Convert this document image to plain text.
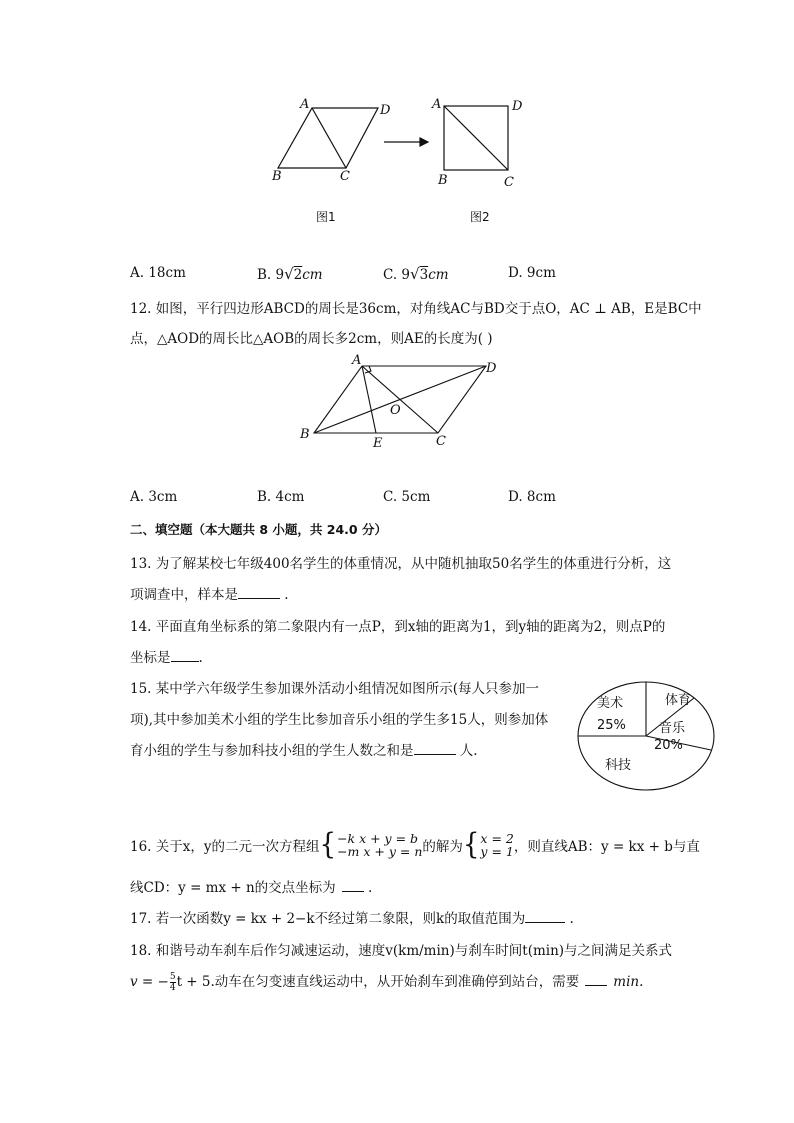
A	D
B	C
A	D
B	C
图1	图2
A. 18cm	B. 9√2cm	C. 9√3cm	D. 9cm
12. 如图，平行四边形ABCD的周长是36cm，对角线AC与BD交于点O，AC ⊥ AB，E是BC中
点，△AOD的周长比△AOB的周长多2cm，则AE的长度为( )
A
D
O
B
E	C
A. 3cm	B. 4cm	C. 5cm	D. 8cm
二、填空题（本大题共 8 小题，共 24.0 分）
13. 为了解某校七年级400名学生的体重情况，从中随机抽取50名学生的体重进行分析，这
项调查中，样本是	.
14. 平面直角坐标系的第二象限内有一点P，到x轴的距离为1，到y轴的距离为2，则点P的
坐标是 .
15. 某中学六年级学生参加课外活动小组情况如图所示(每人只参加一
项),其中参加美术小组的学生比参加音乐小组的学生多15人，则参加体
育小组的学生与参加科技小组的学生人数之和是	人.
美术
25%
体育
音乐
20%
科技
16. 关于x，y的二元一次方程组{ −k x + y = b
−m x + y = n 的解为{ x = 2
y = 1 ，则直线AB：y = kx + b与直
线CD：y = mx + n的交点坐标为 .
17. 若一次函数y = kx + 2−k不经过第二象限，则k的取值范围为	.
18. 和谐号动车刹车后作匀减速运动，速度v(km/min)与刹车时间t(min)与之间满足关系式
v = − $\frac{5}{4}$ t + 5.动车在匀变速直线运动中，从开始刹车到准确停到站台，需要	min.
